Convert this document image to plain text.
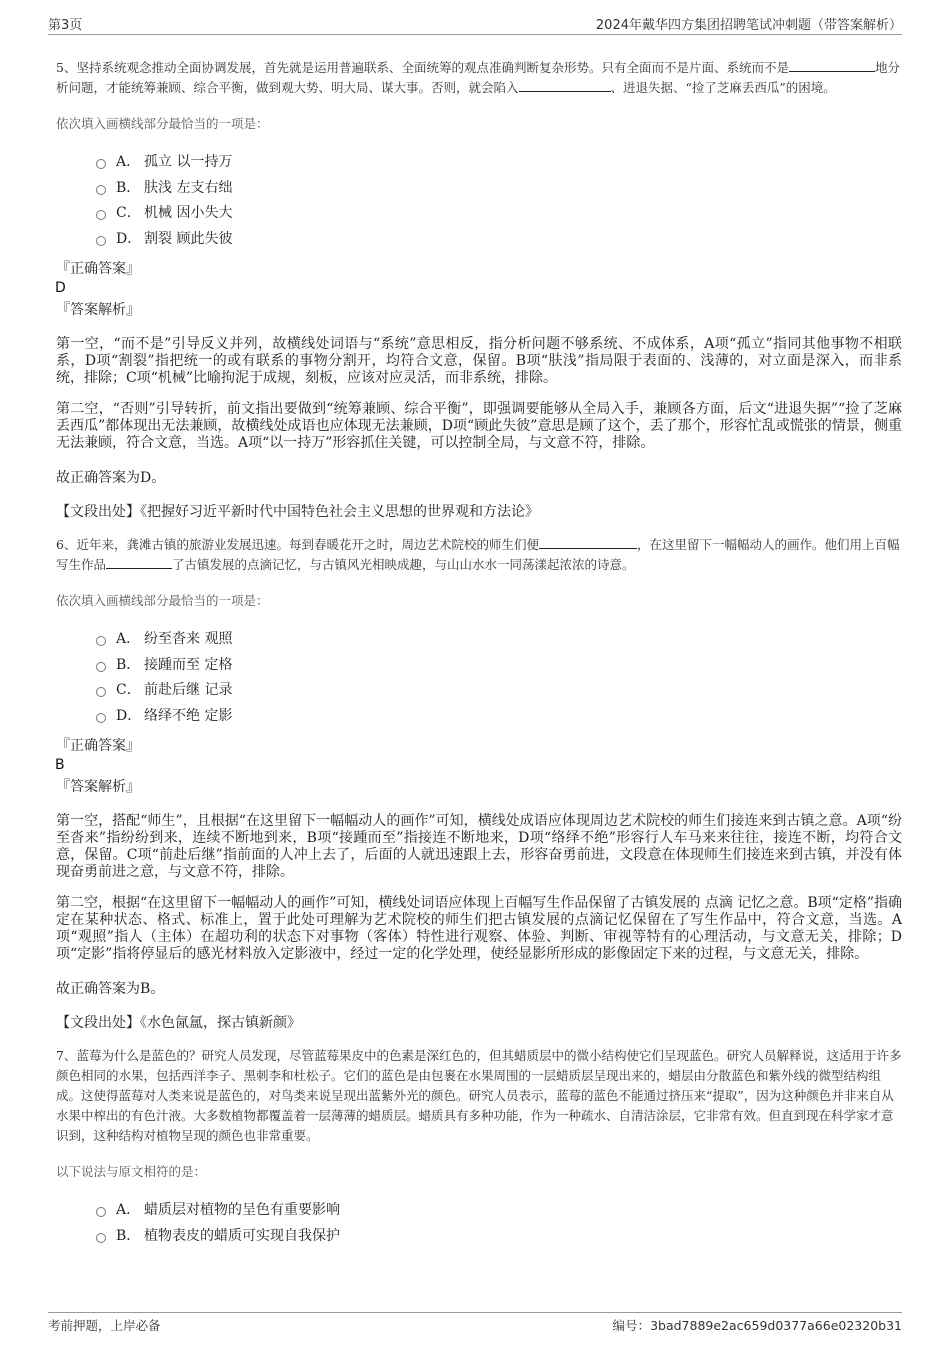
第3页	2024年戴华四方集团招聘笔试冲刺题（带答案解析）

5、坚持系统观念推动全面协调发展，首先就是运用普遍联系、全面统筹的观点准确判断复杂形势。只有全面而不是片面、系统而不是	地分析问题，才能统筹兼顾、综合平衡，做到观大势、明大局、谋大事。否则，就会陷入	、进退失据、“捡了芝麻丢西瓜”的困境。

依次填入画横线部分最恰当的一项是：

A． 孤立 以一持万
B． 肤浅 左支右绌
C． 机械 因小失大
D． 割裂 顾此失彼
『正确答案』
D
『答案解析』

第一空，“而不是”引导反义并列，故横线处词语与“系统”意思相反，指分析问题不够系统、不成体系，A项“孤立”指同其他事物不相联系，D项“割裂”指把统一的或有联系的事物分割开，均符合文意，保留。B项“肤浅”指局限于表面的、浅薄的，对立面是深入，而非系统，排除；C项“机械”比喻拘泥于成规，刻板，应该对应灵活，而非系统，排除。

第二空，“否则”引导转折，前文指出要做到“统筹兼顾、综合平衡”，即强调要能够从全局入手，兼顾各方面，后文“进退失据”“捡了芝麻丢西瓜”都体现出无法兼顾，故横线处成语也应体现无法兼顾，D项“顾此失彼”意思是顾了这个，丢了那个，形容忙乱或慌张的情景，侧重无法兼顾，符合文意，当选。A项“以一持万”形容抓住关键，可以控制全局，与文意不符，排除。

故正确答案为D。

【文段出处】《把握好习近平新时代中国特色社会主义思想的世界观和方法论》

6、近年来，龚滩古镇的旅游业发展迅速。每到春暖花开之时，周边艺术院校的师生们便	，在这里留下一幅幅动人的画作。他们用上百幅写生作品	了古镇发展的点滴记忆，与古镇风光相映成趣，与山山水水一同荡漾起浓浓的诗意。

依次填入画横线部分最恰当的一项是：

A． 纷至沓来 观照
B． 接踵而至 定格
C． 前赴后继 记录
D． 络绎不绝 定影
『正确答案』
B
『答案解析』

第一空，搭配“师生”，且根据“在这里留下一幅幅动人的画作”可知，横线处成语应体现周边艺术院校的师生们接连来到古镇之意。A项“纷至沓来”指纷纷到来，连续不断地到来，B项“接踵而至”指接连不断地来，D项“络绎不绝”形容行人车马来来往往，接连不断，均符合文意，保留。C项“前赴后继”指前面的人冲上去了，后面的人就迅速跟上去，形容奋勇前进，文段意在体现师生们接连来到古镇，并没有体现奋勇前进之意，与文意不符，排除。

第二空，根据“在这里留下一幅幅动人的画作”可知，横线处词语应体现上百幅写生作品保留了古镇发展的 点滴 记忆之意。B项“定格”指确定在某种状态、格式、标准上，置于此处可理解为艺术院校的师生们把古镇发展的点滴记忆保留在了写生作品中，符合文意，当选。A项“观照”指人（主体）在超功利的状态下对事物（客体）特性进行观察、体验、判断、审视等特有的心理活动，与文意无关，排除；D项“定影”指将停显后的感光材料放入定影液中，经过一定的化学处理，使经显影所形成的影像固定下来的过程，与文意无关，排除。

故正确答案为B。

【文段出处】《水色氤氲，探古镇新颜》

7、蓝莓为什么是蓝色的？研究人员发现，尽管蓝莓果皮中的色素是深红色的，但其蜡质层中的微小结构使它们呈现蓝色。研究人员解释说，这适用于许多颜色相同的水果，包括西洋李子、黑刺李和杜松子。它们的蓝色是由包裹在水果周围的一层蜡质层呈现出来的，蜡层由分散蓝色和紫外线的微型结构组成。这使得蓝莓对人类来说是蓝色的，对鸟类来说呈现出蓝紫外光的颜色。研究人员表示，蓝莓的蓝色不能通过挤压来“提取”，因为这种颜色并非来自从水果中榨出的有色汁液。大多数植物都覆盖着一层薄薄的蜡质层。蜡质具有多种功能，作为一种疏水、自清洁涂层，它非常有效。但直到现在科学家才意识到，这种结构对植物呈现的颜色也非常重要。

以下说法与原文相符的是：

A． 蜡质层对植物的呈色有重要影响
B． 植物表皮的蜡质可实现自我保护
考前押题，上岸必备	编号：3bad7889e2ac659d0377a66e02320b31
